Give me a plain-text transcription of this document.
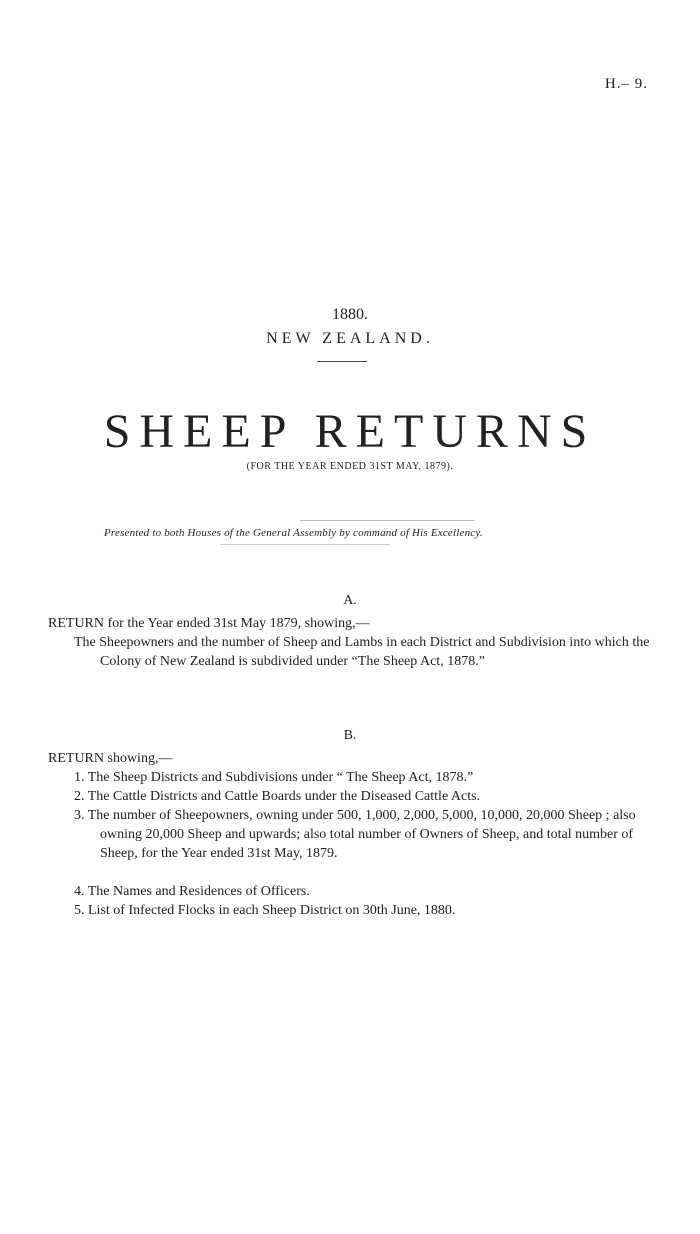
H.– 9.
1880.
NEW ZEALAND.
SHEEP RETURNS
(FOR THE YEAR ENDED 31ST MAY, 1879).
Presented to both Houses of the General Assembly by command of His Excellency.
A.
RETURN for the Year ended 31st May 1879, showing,—
The Sheepowners and the number of Sheep and Lambs in each District and Subdivision into which the Colony of New Zealand is subdivided under “The Sheep Act, 1878.”
B.
RETURN showing,—
1. The Sheep Districts and Subdivisions under “ The Sheep Act, 1878.”
2. The Cattle Districts and Cattle Boards under the Diseased Cattle Acts.
3. The number of Sheepowners, owning under 500, 1,000, 2,000, 5,000, 10,000, 20,000 Sheep ; also owning 20,000 Sheep and upwards; also total number of Owners of Sheep, and total number of Sheep, for the Year ended 31st May, 1879.
4. The Names and Residences of Officers.
5. List of Infected Flocks in each Sheep District on 30th June, 1880.
